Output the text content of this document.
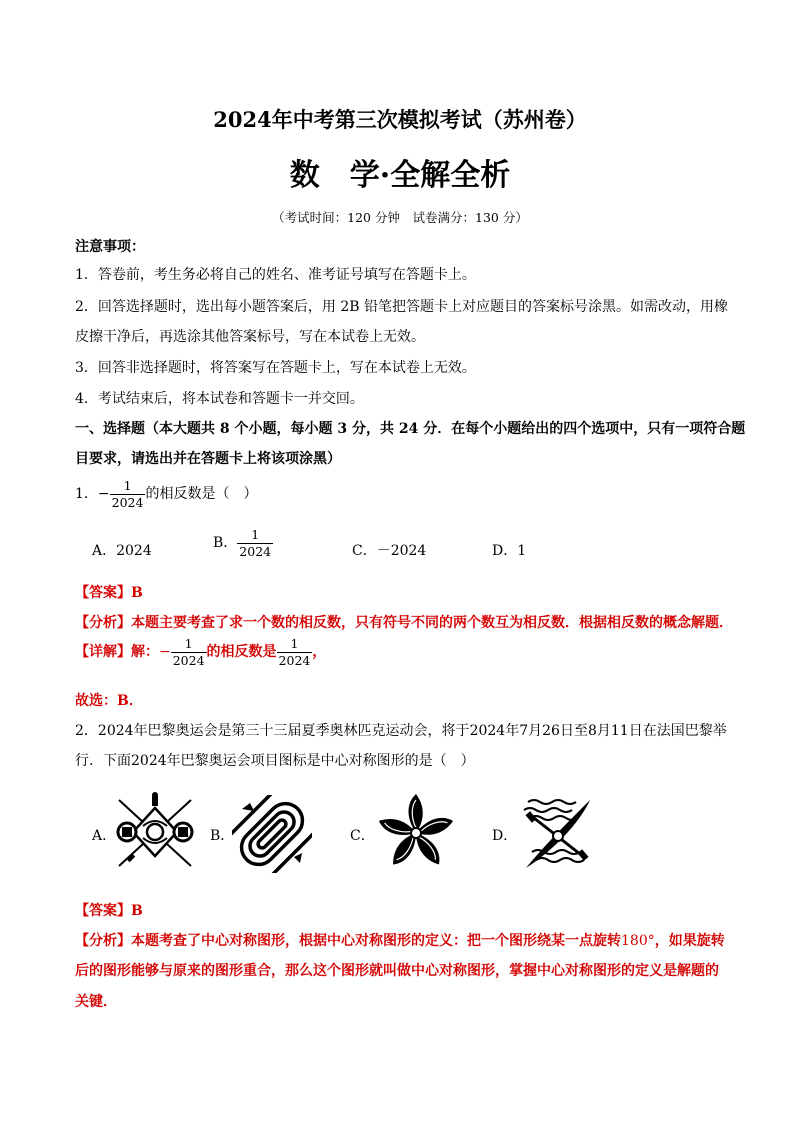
2024年中考第三次模拟考试（苏州卷）
数　学·全解全析
（考试时间：120 分钟　试卷满分：130 分）
注意事项：
1．答卷前，考生务必将自己的姓名、准考证号填写在答题卡上。
2．回答选择题时，选出每小题答案后，用 2B 铅笔把答题卡上对应题目的答案标号涂黑。如需改动，用橡
皮擦干净后，再选涂其他答案标号，写在本试卷上无效。
3．回答非选择题时，将答案写在答题卡上，写在本试卷上无效。
4．考试结束后，将本试卷和答题卡一并交回。
一、选择题（本大题共 8 个小题，每小题 3 分，共 24 分．在每个小题给出的四个选项中，只有一项符合题
目要求，请选出并在答题卡上将该项涂黑）
1．− $\frac{1}{2024}$ 的相反数是（　）
A．2024	B． $\frac{1}{2024}$	C．－2024	D．1
【答案】B
【分析】本题主要考查了求一个数的相反数，只有符号不同的两个数互为相反数．根据相反数的概念解题．
【详解】解：− $\frac{1}{2024}$ 的相反数是 $\frac{1}{2024}$ ，
故选：B．
2．2024年巴黎奥运会是第三十三届夏季奥林匹克运动会，将于2024年7月26日至8月11日在法国巴黎举
行．下面2024年巴黎奥运会项目图标是中心对称图形的是（　）
A．	B．	C．	D．
【答案】B
【分析】本题考查了中心对称图形，根据中心对称图形的定义：把一个图形绕某一点旋转180°，如果旋转
后的图形能够与原来的图形重合，那么这个图形就叫做中心对称图形，掌握中心对称图形的定义是解题的
关键．
